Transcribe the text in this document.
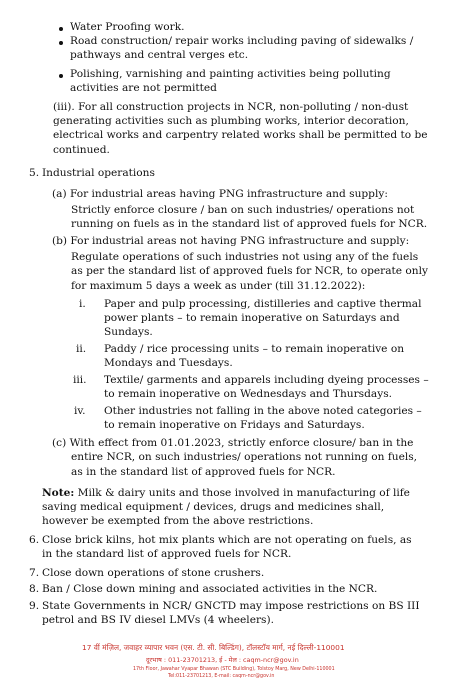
Water Proofing work.
Road construction/ repair works including paving of sidewalks /
pathways and central verges etc.
Polishing, varnishing and painting activities being polluting
activities are not permitted
(iii). For all construction projects in NCR, non-polluting / non-dust
generating activities such as plumbing works, interior decoration,
electrical works and carpentry related works shall be permitted to be
continued.
5. Industrial operations
(a) For industrial areas having PNG infrastructure and supply:
Strictly enforce closure / ban on such industries/ operations not
running on fuels as in the standard list of approved fuels for NCR.
(b) For industrial areas not having PNG infrastructure and supply:
Regulate operations of such industries not using any of the fuels
as per the standard list of approved fuels for NCR, to operate only
for maximum 5 days a week as under (till 31.12.2022):
i. Paper and pulp processing, distilleries and captive thermal
power plants – to remain inoperative on Saturdays and
Sundays.
ii. Paddy / rice processing units – to remain inoperative on
Mondays and Tuesdays.
iii. Textile/ garments and apparels including dyeing processes –
to remain inoperative on Wednesdays and Thursdays.
iv. Other industries not falling in the above noted categories –
to remain inoperative on Fridays and Saturdays.
(c) With effect from 01.01.2023, strictly enforce closure/ ban in the
entire NCR, on such industries/ operations not running on fuels,
as in the standard list of approved fuels for NCR.
Note: Milk & dairy units and those involved in manufacturing of life
saving medical equipment / devices, drugs and medicines shall,
however be exempted from the above restrictions.
6. Close brick kilns, hot mix plants which are not operating on fuels, as
in the standard list of approved fuels for NCR.
7. Close down operations of stone crushers.
8. Ban / Close down mining and associated activities in the NCR.
9. State Governments in NCR/ GNCTD may impose restrictions on BS III
petrol and BS IV diesel LMVs (4 wheelers).
17 वीं मंज़िल, जवाहर व्यापार भवन (एस. टी. सी. बिल्डिंग), टॉलस्टॉय मार्ग, नई दिल्ली-110001
दूरभाष : 011-23701213, ई - मेल : caqm-ncr@gov.in
17th Floor, Jawahar Vyapar Bhawan (STC Building), Tolstoy Marg, New Delhi-110001
Tel:011-23701213, E-mail: caqm-ncr@gov.in
